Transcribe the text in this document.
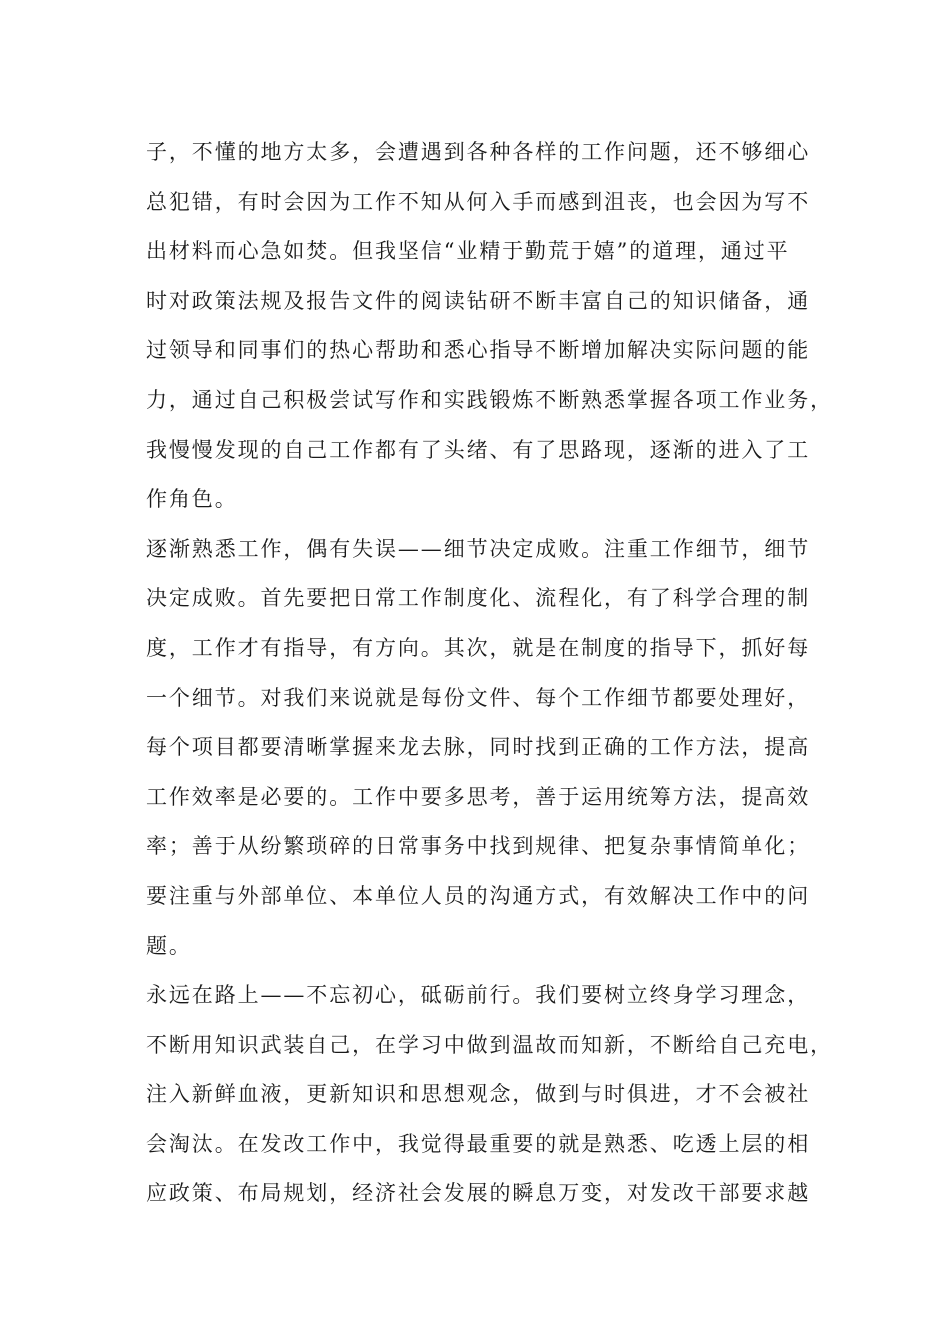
子，不懂的地方太多，会遭遇到各种各样的工作问题，还不够细心
总犯错，有时会因为工作不知从何入手而感到沮丧，也会因为写不
出材料而心急如焚。但我坚信“业精于勤荒于嬉”的道理，通过平
时对政策法规及报告文件的阅读钻研不断丰富自己的知识储备，通
过领导和同事们的热心帮助和悉心指导不断增加解决实际问题的能
力，通过自己积极尝试写作和实践锻炼不断熟悉掌握各项工作业务，
我慢慢发现的自己工作都有了头绪、有了思路现，逐渐的进入了工
作角色。
逐渐熟悉工作，偶有失误——细节决定成败。注重工作细节，细节
决定成败。首先要把日常工作制度化、流程化，有了科学合理的制
度，工作才有指导，有方向。其次，就是在制度的指导下，抓好每
一个细节。对我们来说就是每份文件、每个工作细节都要处理好，
每个项目都要清晰掌握来龙去脉，同时找到正确的工作方法，提高
工作效率是必要的。工作中要多思考，善于运用统筹方法，提高效
率；善于从纷繁琐碎的日常事务中找到规律、把复杂事情简单化；
要注重与外部单位、本单位人员的沟通方式，有效解决工作中的问
题。
永远在路上——不忘初心，砥砺前行。我们要树立终身学习理念，
不断用知识武装自己，在学习中做到温故而知新，不断给自己充电，
注入新鲜血液，更新知识和思想观念，做到与时俱进，才不会被社
会淘汰。在发改工作中，我觉得最重要的就是熟悉、吃透上层的相
应政策、布局规划，经济社会发展的瞬息万变，对发改干部要求越
